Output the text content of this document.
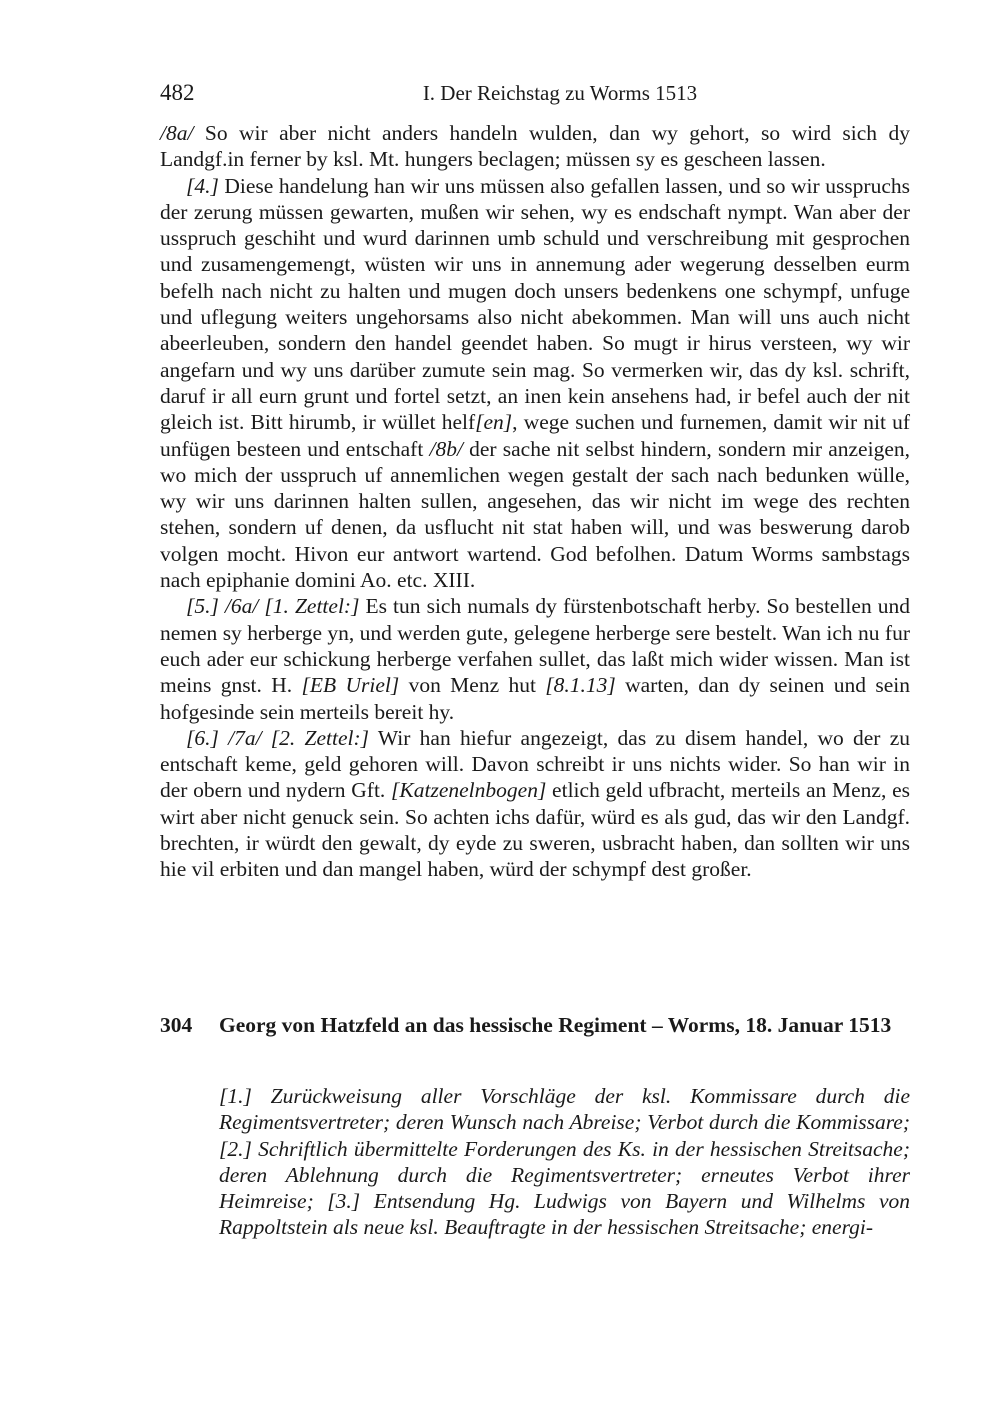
482	I. Der Reichstag zu Worms 1513

/8a/ So wir aber nicht anders handeln wulden, dan wy gehort, so wird sich dy Landgf.in ferner by ksl. Mt. hungers beclagen; müssen sy es gescheen lassen.

[4.] Diese handelung han wir uns müssen also gefallen lassen, und so wir usspruchs der zerung müssen gewarten, mußen wir sehen, wy es endschaft nympt. Wan aber der usspruch geschiht und wurd darinnen umb schuld und verschreibung mit gesprochen und zusamengemengt, wüsten wir uns in annemung ader wegerung desselben eurm befelh nach nicht zu halten und mugen doch unsers bedenkens one schympf, unfuge und uflegung weiters ungehorsams also nicht abekommen. Man will uns auch nicht abeerleuben, sondern den handel geendet haben. So mugt ir hirus versteen, wy wir angefarn und wy uns darüber zumute sein mag. So vermerken wir, das dy ksl. schrift, daruf ir all eurn grunt und fortel setzt, an inen kein ansehens had, ir befel auch der nit gleich ist. Bitt hirumb, ir wüllet helf[en], wege suchen und furnemen, damit wir nit uf unfügen besteen und entschaft /8b/ der sache nit selbst hindern, sondern mir anzeigen, wo mich der usspruch uf annemlichen wegen gestalt der sach nach bedunken wülle, wy wir uns darinnen halten sullen, angesehen, das wir nicht im wege des rechten stehen, sondern uf denen, da usflucht nit stat haben will, und was beswerung darob volgen mocht. Hivon eur antwort wartend. God befolhen. Datum Worms sambstags nach epiphanie domini Ao. etc. XIII.

[5.] /6a/ [1. Zettel:] Es tun sich numals dy fürstenbotschaft herby. So bestellen und nemen sy herberge yn, und werden gute, gelegene herberge sere bestelt. Wan ich nu fur euch ader eur schickung herberge verfahen sullet, das laßt mich wider wissen. Man ist meins gnst. H. [EB Uriel] von Menz hut [8.1.13] warten, dan dy seinen und sein hofgesinde sein merteils bereit hy.

[6.] /7a/ [2. Zettel:] Wir han hiefur angezeigt, das zu disem handel, wo der zu entschaft keme, geld gehoren will. Davon schreibt ir uns nichts wider. So han wir in der obern und nydern Gft. [Katzenelnbogen] etlich geld ufbracht, merteils an Menz, es wirt aber nicht genuck sein. So achten ichs dafür, würd es als gud, das wir den Landgf. brechten, ir würdt den gewalt, dy eyde zu sweren, usbracht haben, dan sollten wir uns hie vil erbiten und dan mangel haben, würd der schympf dest großer.

304 Georg von Hatzfeld an das hessische Regiment – Worms, 18. Januar 1513
[1.] Zurückweisung aller Vorschläge der ksl. Kommissare durch die Regimentsvertreter; deren Wunsch nach Abreise; Verbot durch die Kommissare; [2.] Schriftlich übermittelte Forderungen des Ks. in der hessischen Streitsache; deren Ablehnung durch die Regimentsvertreter; erneutes Verbot ihrer Heimreise; [3.] Entsendung Hg. Ludwigs von Bayern und Wilhelms von Rappoltstein als neue ksl. Beauftragte in der hessischen Streitsache; energi-
